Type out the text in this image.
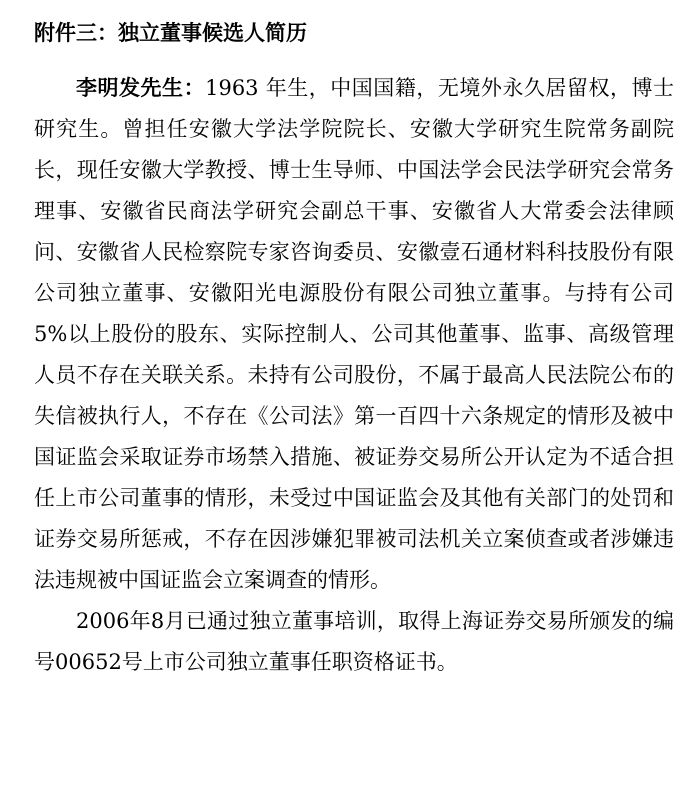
附件三：独立董事候选人简历

李明发先生：1963 年生，中国国籍，无境外永久居留权，博士研究生。曾担任安徽大学法学院院长、安徽大学研究生院常务副院长，现任安徽大学教授、博士生导师、中国法学会民法学研究会常务理事、安徽省民商法学研究会副总干事、安徽省人大常委会法律顾问、安徽省人民检察院专家咨询委员、安徽壹石通材料科技股份有限公司独立董事、安徽阳光电源股份有限公司独立董事。与持有公司 5%以上股份的股东、实际控制人、公司其他董事、监事、高级管理人员不存在关联关系。未持有公司股份，不属于最高人民法院公布的失信被执行人，不存在《公司法》第一百四十六条规定的情形及被中国证监会采取证券市场禁入措施、被证券交易所公开认定为不适合担任上市公司董事的情形，未受过中国证监会及其他有关部门的处罚和证券交易所惩戒，不存在因涉嫌犯罪被司法机关立案侦查或者涉嫌违法违规被中国证监会立案调查的情形。

2006年8月已通过独立董事培训，取得上海证券交易所颁发的编号00652号上市公司独立董事任职资格证书。
